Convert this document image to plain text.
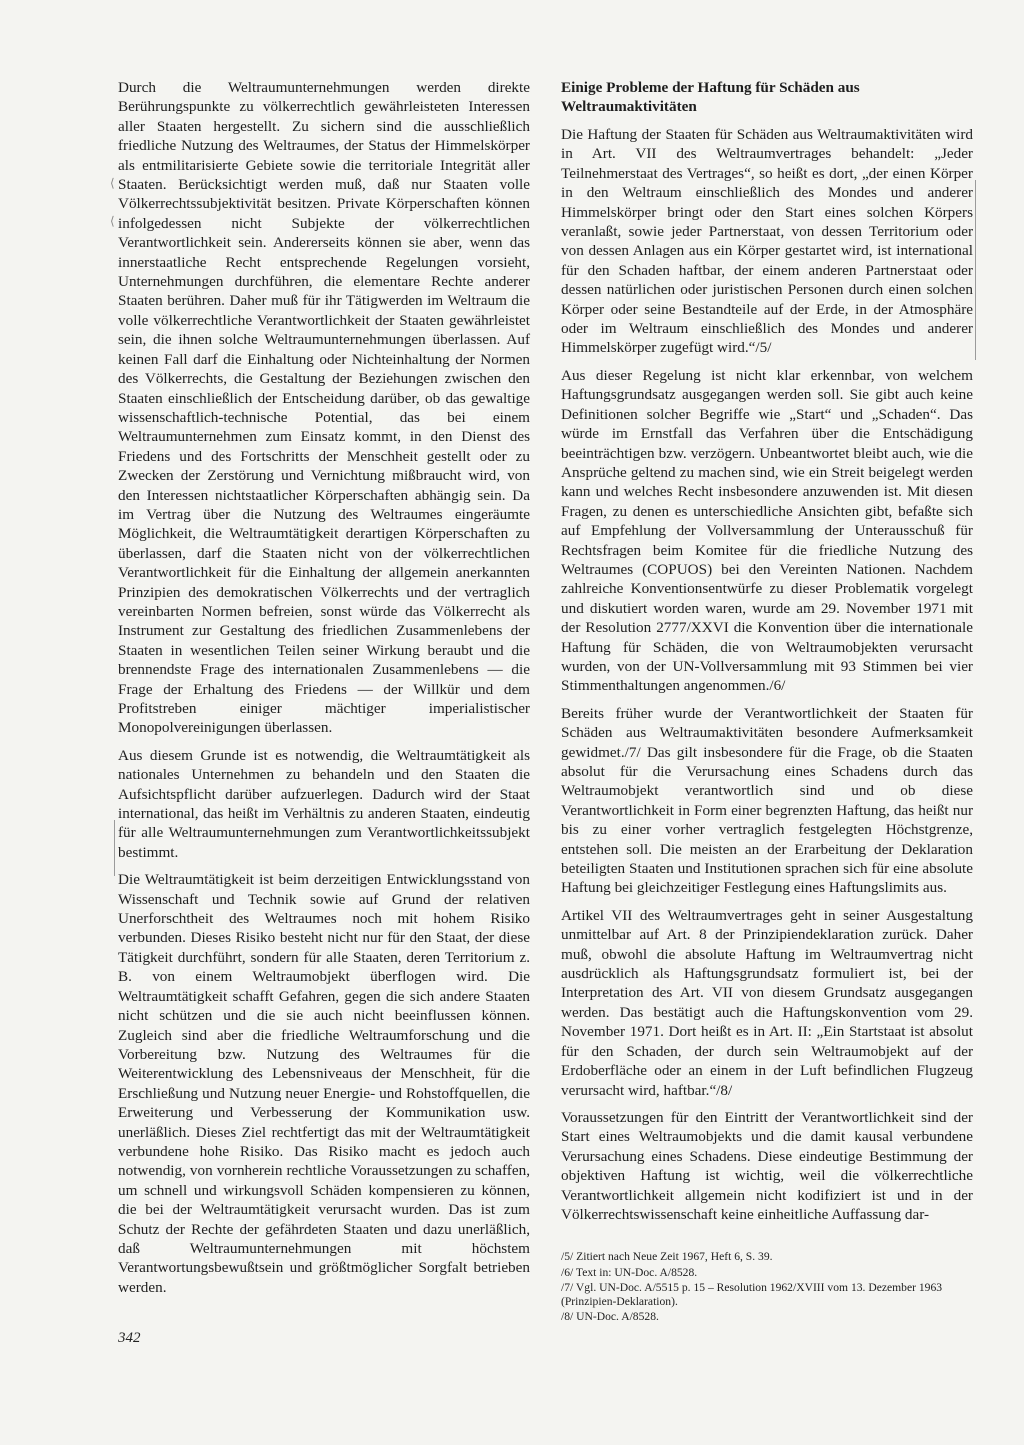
Durch die Weltraumunternehmungen werden direkte Berührungspunkte zu völkerrechtlich gewährleisteten Interessen aller Staaten hergestellt. Zu sichern sind die ausschließlich friedliche Nutzung des Weltraumes, der Status der Himmelskörper als entmilitarisierte Gebiete sowie die territoriale Integrität aller Staaten. Berücksichtigt werden muß, daß nur Staaten volle Völkerrechtssubjektivität besitzen. Private Körperschaften können infolgedessen nicht Subjekte der völkerrechtlichen Verantwortlichkeit sein. Andererseits können sie aber, wenn das innerstaatliche Recht entsprechende Regelungen vorsieht, Unternehmungen durchführen, die elementare Rechte anderer Staaten berühren. Daher muß für ihr Tätigwerden im Weltraum die volle völkerrechtliche Verantwortlichkeit der Staaten gewährleistet sein, die ihnen solche Weltraumunternehmungen überlassen. Auf keinen Fall darf die Einhaltung oder Nichteinhaltung der Normen des Völkerrechts, die Gestaltung der Beziehungen zwischen den Staaten einschließlich der Entscheidung darüber, ob das gewaltige wissenschaftlich-technische Potential, das bei einem Weltraumunternehmen zum Einsatz kommt, in den Dienst des Friedens und des Fortschritts der Menschheit gestellt oder zu Zwecken der Zerstörung und Vernichtung mißbraucht wird, von den Interessen nichtstaatlicher Körperschaften abhängig sein. Da im Vertrag über die Nutzung des Weltraumes eingeräumte Möglichkeit, die Weltraumtätigkeit derartigen Körperschaften zu überlassen, darf die Staaten nicht von der völkerrechtlichen Verantwortlichkeit für die Einhaltung der allgemein anerkannten Prinzipien des demokratischen Völkerrechts und der vertraglich vereinbarten Normen befreien, sonst würde das Völkerrecht als Instrument zur Gestaltung des friedlichen Zusammenlebens der Staaten in wesentlichen Teilen seiner Wirkung beraubt und die brennendste Frage des internationalen Zusammenlebens — die Frage der Erhaltung des Friedens — der Willkür und dem Profitstreben einiger mächtiger imperialistischer Monopolvereinigungen überlassen.

Aus diesem Grunde ist es notwendig, die Weltraumtätigkeit als nationales Unternehmen zu behandeln und den Staaten die Aufsichtspflicht darüber aufzuerlegen. Dadurch wird der Staat international, das heißt im Verhältnis zu anderen Staaten, eindeutig für alle Weltraumunternehmungen zum Verantwortlichkeitssubjekt bestimmt.

Die Weltraumtätigkeit ist beim derzeitigen Entwicklungsstand von Wissenschaft und Technik sowie auf Grund der relativen Unerforschtheit des Weltraumes noch mit hohem Risiko verbunden. Dieses Risiko besteht nicht nur für den Staat, der diese Tätigkeit durchführt, sondern für alle Staaten, deren Territorium z. B. von einem Weltraumobjekt überflogen wird. Die Weltraumtätigkeit schafft Gefahren, gegen die sich andere Staaten nicht schützen und die sie auch nicht beeinflussen können. Zugleich sind aber die friedliche Weltraumforschung und die Vorbereitung bzw. Nutzung des Weltraumes für die Weiterentwicklung des Lebensniveaus der Menschheit, für die Erschließung und Nutzung neuer Energie- und Rohstoffquellen, die Erweiterung und Verbesserung der Kommunikation usw. unerläßlich. Dieses Ziel rechtfertigt das mit der Weltraumtätigkeit verbundene hohe Risiko. Das Risiko macht es jedoch auch notwendig, von vornherein rechtliche Voraussetzungen zu schaffen, um schnell und wirkungsvoll Schäden kompensieren zu können, die bei der Weltraumtätigkeit verursacht wurden. Das ist zum Schutz der Rechte der gefährdeten Staaten und dazu unerläßlich, daß Weltraumunternehmungen mit höchstem Verantwortungsbewußtsein und größtmöglicher Sorgfalt betrieben werden.

Einige Probleme der Haftung für Schäden aus Weltraumaktivitäten

Die Haftung der Staaten für Schäden aus Weltraumaktivitäten wird in Art. VII des Weltraumvertrages behandelt: „Jeder Teilnehmerstaat des Vertrages“, so heißt es dort, „der einen Körper in den Weltraum einschließlich des Mondes und anderer Himmelskörper bringt oder den Start eines solchen Körpers veranlaßt, sowie jeder Partnerstaat, von dessen Territorium oder von dessen Anlagen aus ein Körper gestartet wird, ist international für den Schaden haftbar, der einem anderen Partnerstaat oder dessen natürlichen oder juristischen Personen durch einen solchen Körper oder seine Bestandteile auf der Erde, in der Atmosphäre oder im Weltraum einschließlich des Mondes und anderer Himmelskörper zugefügt wird.“/5/

Aus dieser Regelung ist nicht klar erkennbar, von welchem Haftungsgrundsatz ausgegangen werden soll. Sie gibt auch keine Definitionen solcher Begriffe wie „Start“ und „Schaden“. Das würde im Ernstfall das Verfahren über die Entschädigung beeinträchtigen bzw. verzögern. Unbeantwortet bleibt auch, wie die Ansprüche geltend zu machen sind, wie ein Streit beigelegt werden kann und welches Recht insbesondere anzuwenden ist. Mit diesen Fragen, zu denen es unterschiedliche Ansichten gibt, befaßte sich auf Empfehlung der Vollversammlung der Unterausschuß für Rechtsfragen beim Komitee für die friedliche Nutzung des Weltraumes (COPUOS) bei den Vereinten Nationen. Nachdem zahlreiche Konventionsentwürfe zu dieser Problematik vorgelegt und diskutiert worden waren, wurde am 29. November 1971 mit der Resolution 2777/XXVI die Konvention über die internationale Haftung für Schäden, die von Weltraumobjekten verursacht wurden, von der UN-Vollversammlung mit 93 Stimmen bei vier Stimmenthaltungen angenommen./6/

Bereits früher wurde der Verantwortlichkeit der Staaten für Schäden aus Weltraumaktivitäten besondere Aufmerksamkeit gewidmet./7/ Das gilt insbesondere für die Frage, ob die Staaten absolut für die Verursachung eines Schadens durch das Weltraumobjekt verantwortlich sind und ob diese Verantwortlichkeit in Form einer begrenzten Haftung, das heißt nur bis zu einer vorher vertraglich festgelegten Höchstgrenze, entstehen soll. Die meisten an der Erarbeitung der Deklaration beteiligten Staaten und Institutionen sprachen sich für eine absolute Haftung bei gleichzeitiger Festlegung eines Haftungslimits aus.

Artikel VII des Weltraumvertrages geht in seiner Ausgestaltung unmittelbar auf Art. 8 der Prinzipiendeklaration zurück. Daher muß, obwohl die absolute Haftung im Weltraumvertrag nicht ausdrücklich als Haftungsgrundsatz formuliert ist, bei der Interpretation des Art. VII von diesem Grundsatz ausgegangen werden. Das bestätigt auch die Haftungskonvention vom 29. November 1971. Dort heißt es in Art. II: „Ein Startstaat ist absolut für den Schaden, der durch sein Weltraumobjekt auf der Erdoberfläche oder an einem in der Luft befindlichen Flugzeug verursacht wird, haftbar.“/8/

Voraussetzungen für den Eintritt der Verantwortlichkeit sind der Start eines Weltraumobjekts und die damit kausal verbundene Verursachung eines Schadens. Diese eindeutige Bestimmung der objektiven Haftung ist wichtig, weil die völkerrechtliche Verantwortlichkeit allgemein nicht kodifiziert ist und in der Völkerrechtswissenschaft keine einheitliche Auffassung dar-

/5/ Zitiert nach Neue Zeit 1967, Heft 6, S. 39.
/6/ Text in: UN-Doc. A/8528.
/7/ Vgl. UN-Doc. A/5515 p. 15 – Resolution 1962/XVIII vom 13. Dezember 1963 (Prinzipien-Deklaration).
/8/ UN-Doc. A/8528.
⟨
⟨
342
